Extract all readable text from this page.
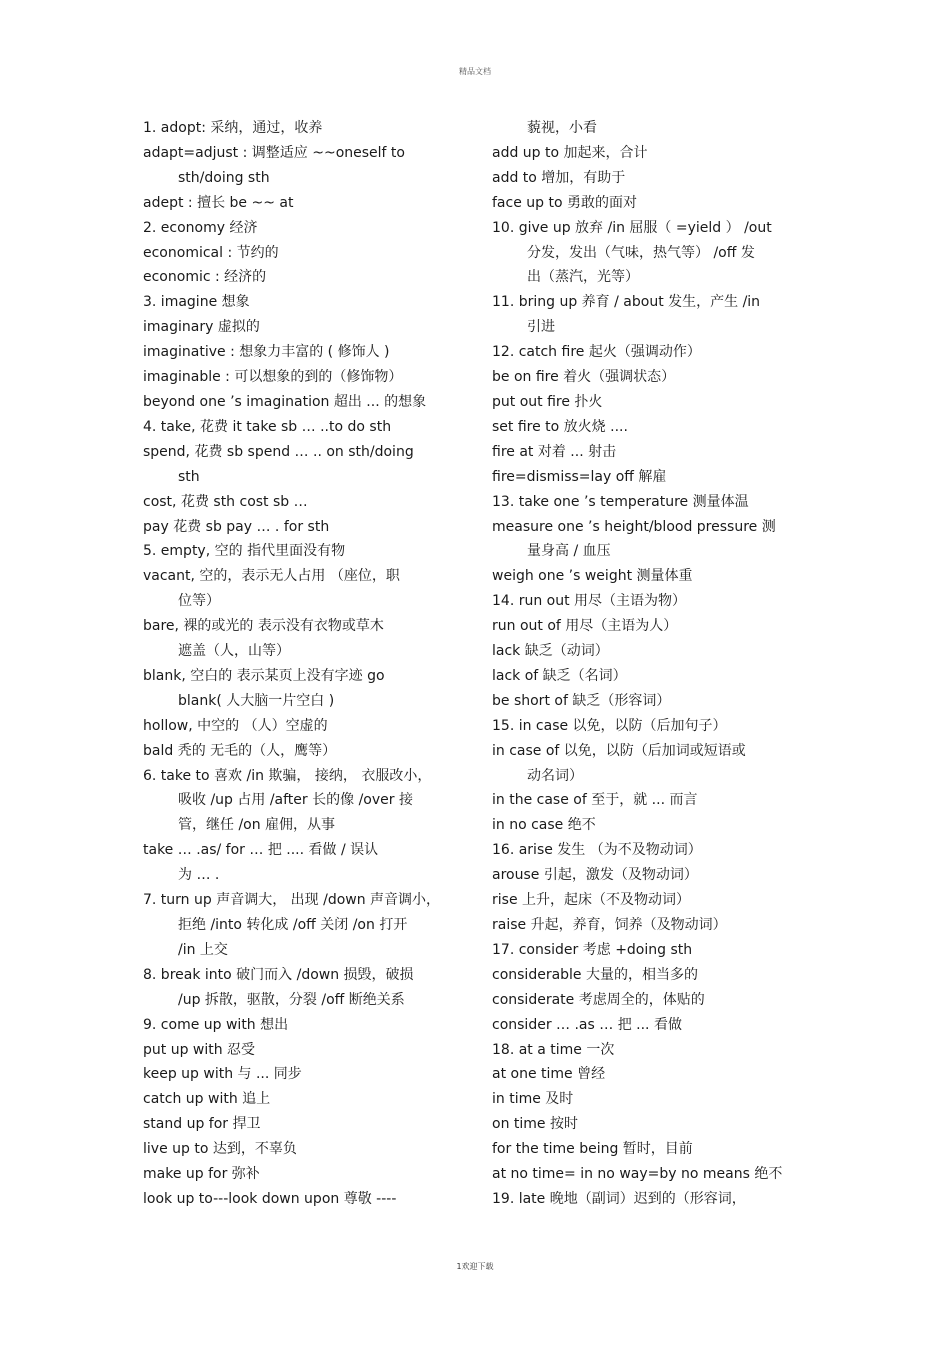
精品文档
1. adopt: 采纳，通过，收养
adapt=adjust : 调整适应 ~~oneself to
sth/doing sth
adept : 擅长 be ~~ at
2. economy 经济
economical : 节约的
economic : 经济的
3. imagine 想象
imaginary 虚拟的
imaginative : 想象力丰富的 ( 修饰人 )
imaginable : 可以想象的到的（修饰物）
beyond one ’s imagination 超出 ... 的想象
4. take, 花费 it take sb … ..to do sth
spend, 花费 sb spend … .. on sth/doing
sth
cost, 花费 sth cost sb …
pay 花费 sb pay … . for sth
5. empty, 空的 指代里面没有物
vacant, 空的，表示无人占用 （座位，职
位等）
bare, 裸的或光的 表示没有衣物或草木
遮盖（人，山等）
blank, 空白的 表示某页上没有字迹 go
blank( 人大脑一片空白 )
hollow, 中空的 （人）空虚的
bald 秃的 无毛的（人，鹰等）
6. take to 喜欢 /in 欺骗， 接纳， 衣服改小，
吸收 /up 占用 /after 长的像 /over 接
管，继任 /on 雇佣，从事
take … .as/ for … 把 .... 看做 / 误认
为 … .
7. turn up 声音调大， 出现 /down 声音调小，
拒绝 /into 转化成 /off 关闭 /on 打开
/in 上交
8. break into 破门而入 /down 损毁，破损
/up 拆散，驱散，分裂 /off 断绝关系
9. come up with 想出
put up with 忍受
keep up with 与 ... 同步
catch up with 追上
stand up for 捍卫
live up to 达到，不辜负
make up for 弥补
look up to---look down upon 尊敬 ----
藐视，小看
add up to 加起来，合计
add to 增加，有助于
face up to 勇敢的面对
10. give up 放弃 /in 屈服（ =yield ） /out
分发，发出（气味，热气等） /off 发
出（蒸汽，光等）
11. bring up 养育 / about 发生，产生 /in
引进
12. catch fire 起火（强调动作）
be on fire 着火（强调状态）
put out fire 扑火
set fire to 放火烧 ....
fire at 对着 ... 射击
fire=dismiss=lay off 解雇
13. take one ’s temperature 测量体温
measure one ’s height/blood pressure 测
量身高 / 血压
weigh one ’s weight 测量体重
14. run out 用尽（主语为物）
run out of 用尽（主语为人）
lack 缺乏（动词）
lack of 缺乏（名词）
be short of 缺乏（形容词）
15. in case 以免，以防（后加句子）
in case of 以免，以防（后加词或短语或
动名词）
in the case of 至于，就 ... 而言
in no case 绝不
16. arise 发生 （为不及物动词）
arouse 引起，激发（及物动词）
rise 上升，起床（不及物动词）
raise 升起，养育，饲养（及物动词）
17. consider 考虑 +doing sth
considerable 大量的，相当多的
considerate 考虑周全的，体贴的
consider … .as … 把 ... 看做
18. at a time 一次
at one time 曾经
in time 及时
on time 按时
for the time being 暂时，目前
at no time= in no way=by no means 绝不
19. late 晚地（副词）迟到的（形容词，
1欢迎下载
